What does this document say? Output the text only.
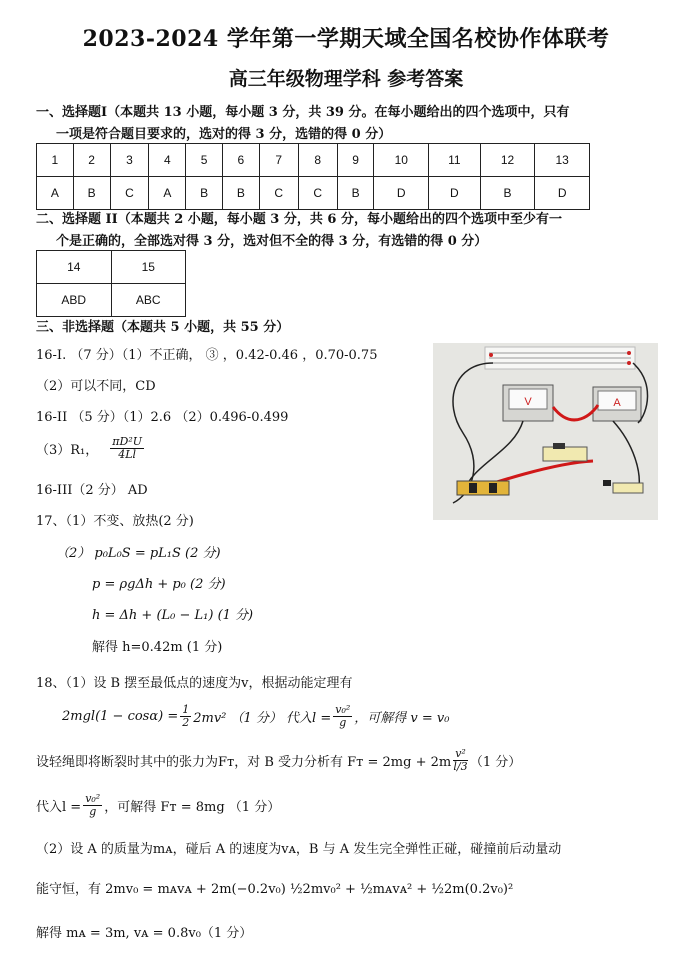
2023-2024 学年第一学期天域全国名校协作体联考
高三年级物理学科 参考答案
一、选择题I（本题共 13 小题，每小题 3 分，共 39 分。在每小题给出的四个选项中，只有
一项是符合题目要求的，选对的得 3 分，选错的得 0 分）
1	2	3	4	5	6	7	8	9	10	11	12	13
A	B	C	A	B	B	C	C	B	D	D	B	D
二、选择题 II（本题共 2 小题，每小题 3 分，共 6 分，每小题给出的四个选项中至少有一
个是正确的，全部选对得 3 分，选对但不全的得 3 分，有选错的得 0 分）
14	15
ABD	ABC
三、非选择题（本题共 5 小题，共 55 分）
16-I. （7 分）（1）不正确， ③ ，0.42-0.46 ，0.70-0.75
（2）可以不同，CD
16-II （5 分）（1）2.6 （2）0.496-0.499
（3）R₁， $\frac{\text{πD²U}}{4Ll}$
16-III（2 分） AD
V	A
17、（1）不变、放热(2 分)
（2） p₀L₀S = pL₁S (2 分)
p = ρgΔh + p₀ (2 分)
h = Δh + (L₀ − L₁) (1 分)
解得 h=0.42m (1 分)
18、（1）设 B 摆至最低点的速度为v，根据动能定理有
$2mgl(1 - \cos\alpha) = \frac{1}{2} 2mv^2$ （1 分） 代入$l = \frac{\text{v₀²}}{g}$ ，可解得 v = v₀
设轻绳即将断裂时其中的张力为Fᴛ，对 B 受力分析有 Fᴛ = $2mg + 2m \frac{\text{v²}}{l/3} (1$ 分）
代入$l = \frac{\text{v₀²}}{g}$ ，可解得 Fᴛ = 8mg （1 分）
（2）设 A 的质量为mᴀ，碰后 A 的速度为vᴀ，B 与 A 发生完全弹性正碰，碰撞前后动量动
能守恒，有 2mv₀ = mᴀvᴀ + 2m(−0.2v₀) ½2mv₀² + ½mᴀvᴀ² + ½2m(0.2v₀)²
解得 mᴀ = 3m, vᴀ = 0.8v₀（1 分）
